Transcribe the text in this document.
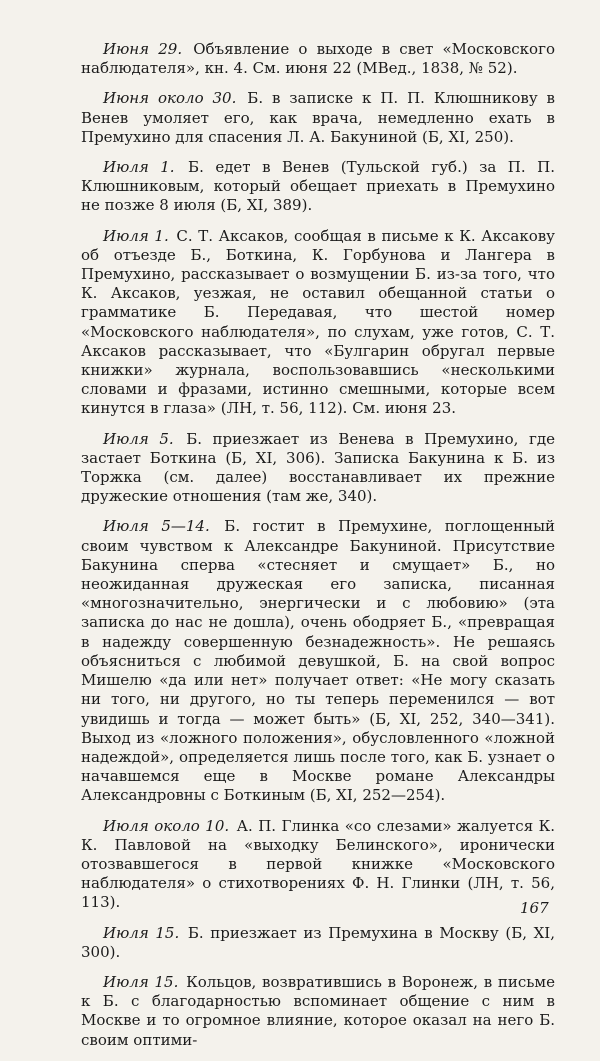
Июня 29. Объявление о выходе в свет «Московского наблюдателя», кн. 4. См. июня 22 (МВед., 1838, № 52).

Июня около 30. Б. в записке к П. П. Клюшникову в Венев умоляет его, как врача, немедленно ехать в Премухино для спасения Л. А. Бакуниной (Б, XI, 250).

Июля 1. Б. едет в Венев (Тульской губ.) за П. П. Клюшниковым, который обещает приехать в Премухино не позже 8 июля (Б, XI, 389).

Июля 1. С. Т. Аксаков, сообщая в письме к К. Аксакову об отъезде Б., Боткина, К. Горбунова и Лангера в Премухино, рассказывает о возмущении Б. из-за того, что К. Аксаков, уезжая, не оставил обещанной статьи о грамматике Б. Передавая, что шестой номер «Московского наблюдателя», по слухам, уже готов, С. Т. Аксаков рассказывает, что «Булгарин обругал первые книжки» журнала, воспользовавшись «несколькими словами и фразами, истинно смешными, которые всем кинутся в глаза» (ЛН, т. 56, 112). См. июня 23.

Июля 5. Б. приезжает из Венева в Премухино, где застает Боткина (Б, XI, 306). Записка Бакунина к Б. из Торжка (см. далее) восстанавливает их прежние дружеские отношения (там же, 340).

Июля 5—14. Б. гостит в Премухине, поглощенный своим чувством к Александре Бакуниной. Присутствие Бакунина сперва «стесняет и смущает» Б., но неожиданная дружеская его записка, писанная «многозначительно, энергически и с любовию» (эта записка до нас не дошла), очень ободряет Б., «превращая в надежду совершенную безнадежность». Не решаясь объясниться с любимой девушкой, Б. на свой вопрос Мишелю «да или нет» получает ответ: «Не могу сказать ни того, ни другого, но ты теперь переменился — вот увидишь и тогда — может быть» (Б, XI, 252, 340—341). Выход из «ложного положения», обусловленного «ложной надеждой», определяется лишь после того, как Б. узнает о начавшемся еще в Москве романе Александры Александровны с Боткиным (Б, XI, 252—254).

Июля около 10. А. П. Глинка «со слезами» жалуется К. К. Павловой на «выходку Белинского», иронически отозвавшегося в первой книжке «Московского наблюдателя» о стихотворениях Ф. Н. Глинки (ЛН, т. 56, 113).

Июля 15. Б. приезжает из Премухина в Москву (Б, XI, 300).

Июля 15. Кольцов, возвратившись в Воронеж, в письме к Б. с благодарностью вспоминает общение с ним в Москве и то огромное влияние, которое оказал на него Б. своим оптими-

167
